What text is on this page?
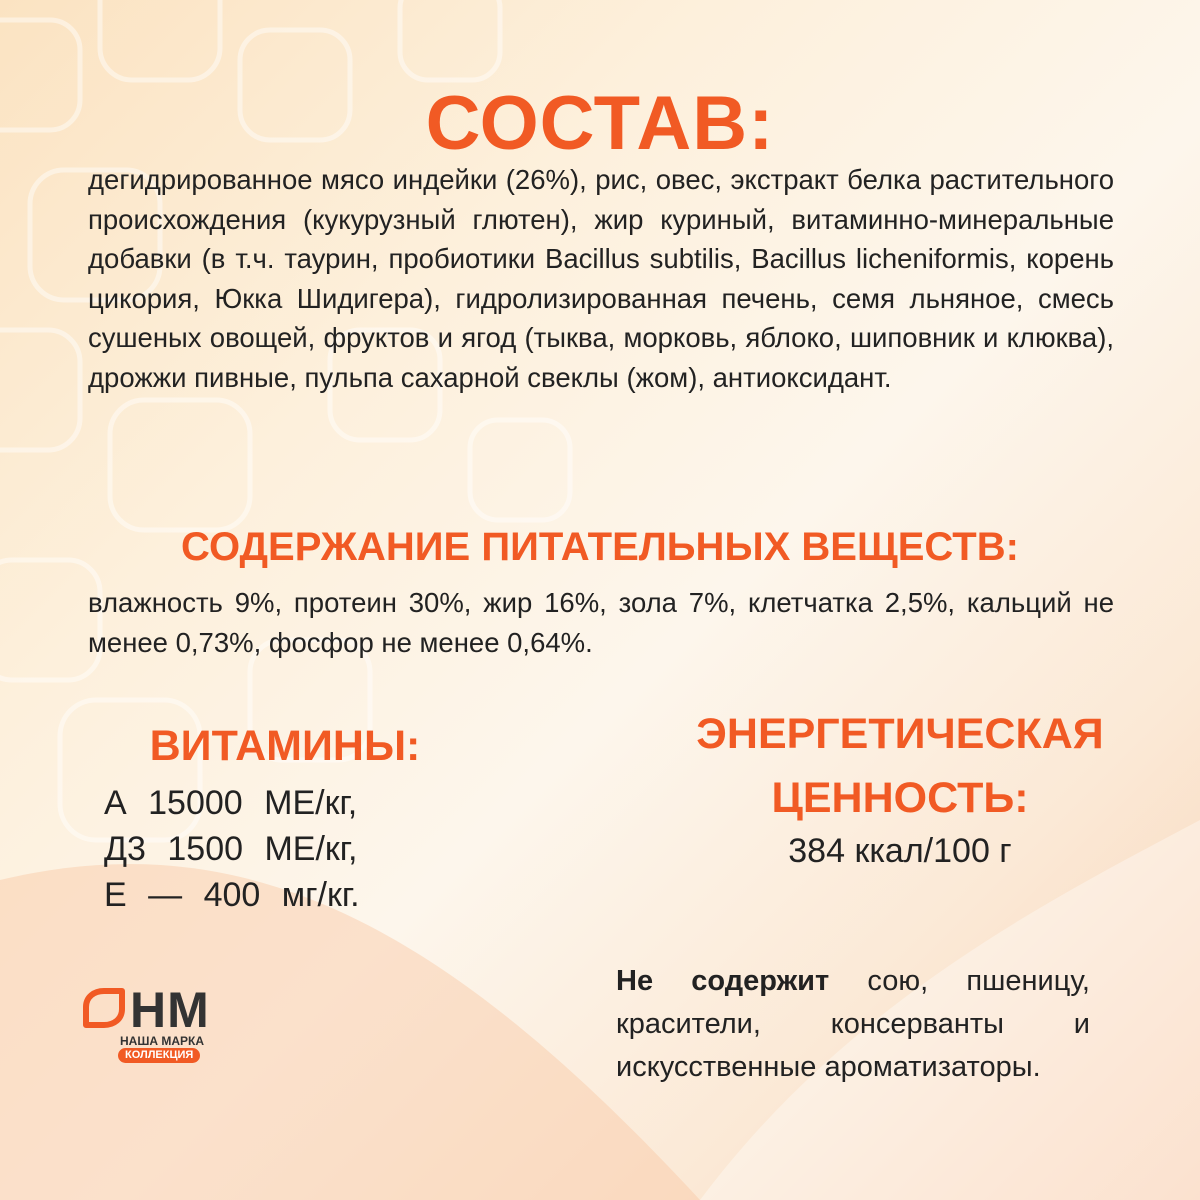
СОСТАВ:

дегидрированное мясо индейки (26%), рис, овес, экстракт белка растительного происхождения (кукурузный глютен), жир куриный, витаминно-минеральные добавки (в т.ч. таурин, пробиотики Bacillus subtilis, Bacillus licheniformis, корень цикория, Юкка Шидигера), гидролизированная печень, семя льняное, смесь сушеных овощей, фруктов и ягод (тыква, морковь, яблоко, шиповник и клюква), дрожжи пивные, пульпа сахарной свеклы (жом), антиоксидант.

СОДЕРЖАНИЕ ПИТАТЕЛЬНЫХ ВЕЩЕСТВ:

влажность 9%, протеин 30%, жир 16%, зола 7%, клетчатка 2,5%, кальций не менее 0,73%, фосфор не менее 0,64%.

ВИТАМИНЫ:

А 15000 МЕ/кг,

Д3 1500 МЕ/кг,

Е — 400 мг/кг.

ЭНЕРГЕТИЧЕСКАЯ
ЦЕННОСТЬ:

384 ккал/100 г

Не содержит сою, пшеницу, красители, консерванты и искусственные ароматизаторы.

НМ
НАША МАРКА
КОЛЛЕКЦИЯ
